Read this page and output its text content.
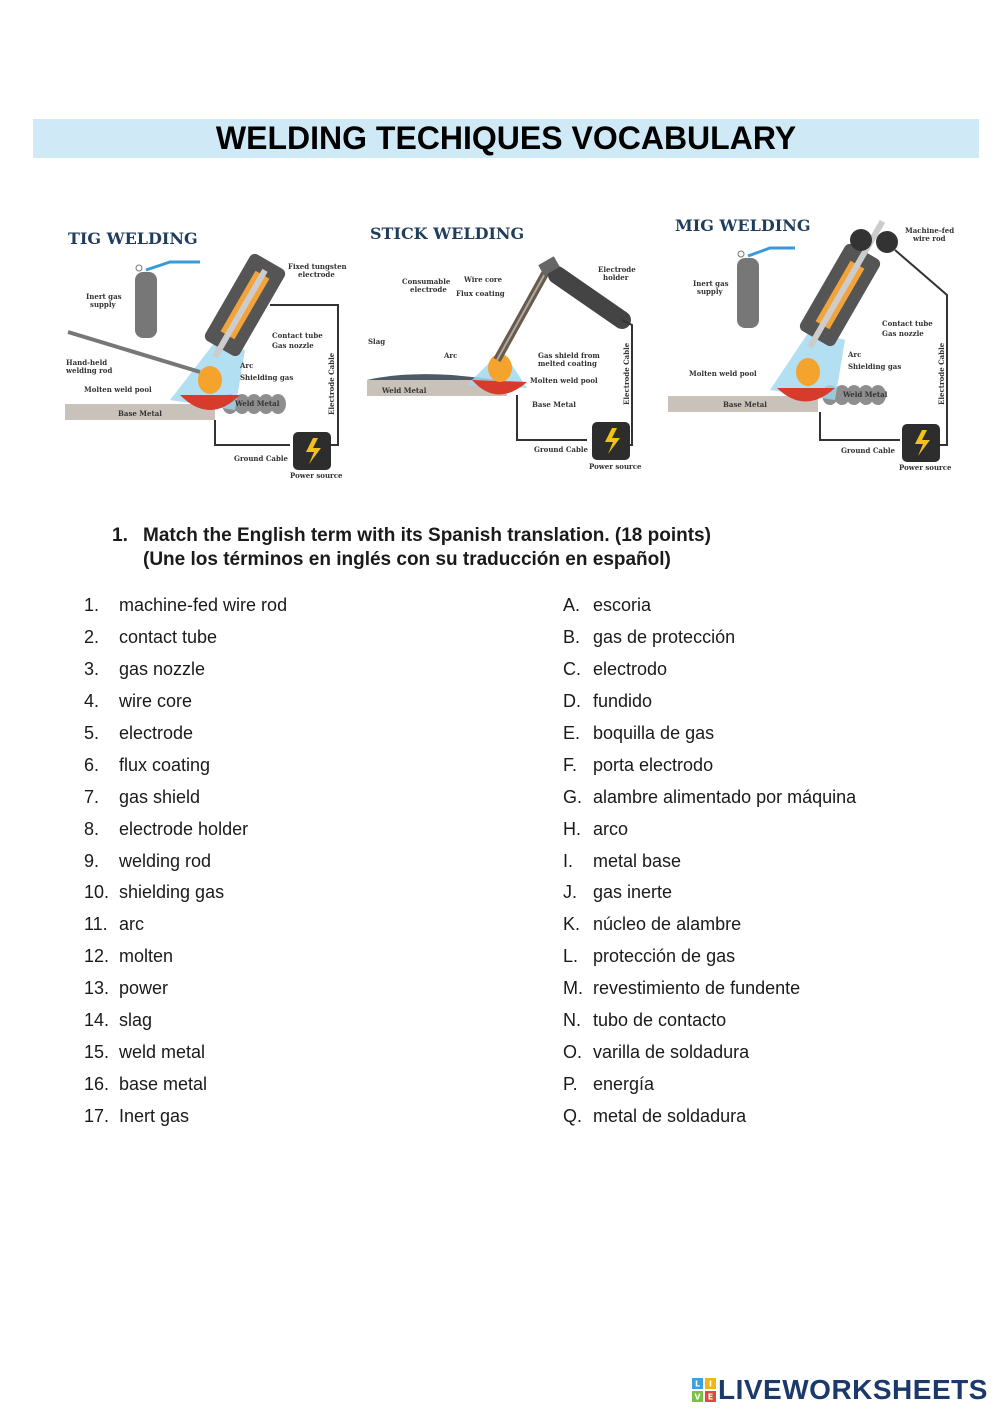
WELDING TECHIQUES VOCABULARY
TIG WELDING
Fixed tungsten
electrode
Inert gas
supply
Contact tube
Gas nozzle
Hand-held
welding rod
Arc
Shielding gas
Molten weld pool
Weld Metal
Base Metal	Electrode Cable
Ground Cable
Power source
STICK WELDING
Consumable
electrode
Wire core
Flux coating
Electrode
holder
Slag
Arc	Gas shield from
melted coating
Molten weld pool
Weld Metal
Base Metal	Electrode Cable
Ground Cable
Power source
MIG WELDING	Machine-fed
wire rod
Inert gas
supply
Contact tube
Gas nozzle
Arc
Shielding gas
Molten weld pool
Weld Metal
Base Metal	Electrode Cable
Ground Cable
Power source
1. Match the English term with its Spanish translation. (18 points)
(Une los términos en inglés con su traducción en español)
1.	machine-fed wire rod
2.	contact tube
3.	gas nozzle
4.	wire core
5.	electrode
6.	flux coating
7.	gas shield
8.	electrode holder
9.	welding rod
10. shielding gas
11. arc
12. molten
13. power
14. slag
15. weld metal
16. base metal
17. Inert gas
A. escoria
B. gas de protección
C. electrodo
D. fundido
E. boquilla de gas
F. porta electrodo
G. alambre alimentado por máquina
H. arco
I.	metal base
J. gas inerte
K. núcleo de alambre
L. protección de gas
M. revestimiento de fundente
N. tubo de contacto
O. varilla de soldadura
P. energía
Q. metal de soldadura
L I
V E LIVEWORKSHEETS
